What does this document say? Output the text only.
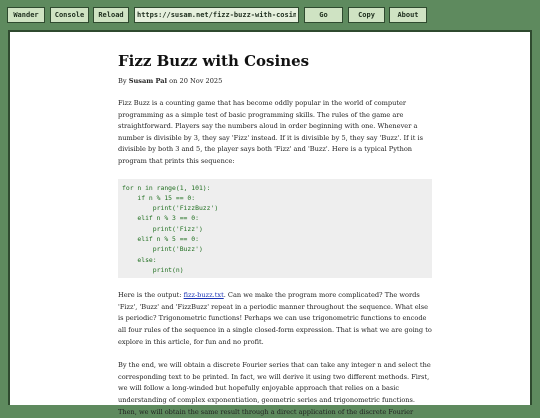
Wander	Console	Reload
https://susam.net/fizz-buzz-with-cosines	Go	Copy	About
Fizz Buzz with Cosines
By Susam Pal on 20 Nov 2025

Fizz Buzz is a counting game that has become oddly popular in the world of computer programming as a simple test of basic programming skills. The rules of the game are straightforward. Players say the numbers aloud in order beginning with one. Whenever a number is divisible by 3, they say 'Fizz' instead. If it is divisible by 5, they say 'Buzz'. If it is divisible by both 3 and 5, the player says both 'Fizz' and 'Buzz'. Here is a typical Python program that prints this sequence:

for n in range(1, 101):
if n % 15 == 0:
print('FizzBuzz')
elif n % 3 == 0:
print('Fizz')
elif n % 5 == 0:
print('Buzz')
else:
print(n)

Here is the output: fizz-buzz.txt. Can we make the program more complicated? The words 'Fizz', 'Buzz' and 'FizzBuzz' repeat in a periodic manner throughout the sequence. What else is periodic? Trigonometric functions! Perhaps we can use trigonometric functions to encode all four rules of the sequence in a single closed-form expression. That is what we are going to explore in this article, for fun and no profit.

By the end, we will obtain a discrete Fourier series that can take any integer n and select the corresponding text to be printed. In fact, we will derive it using two different methods. First, we will follow a long-winded but hopefully enjoyable approach that relies on a basic understanding of complex exponentiation, geometric series and trigonometric functions. Then, we will obtain the same result through a direct application of the discrete Fourier
